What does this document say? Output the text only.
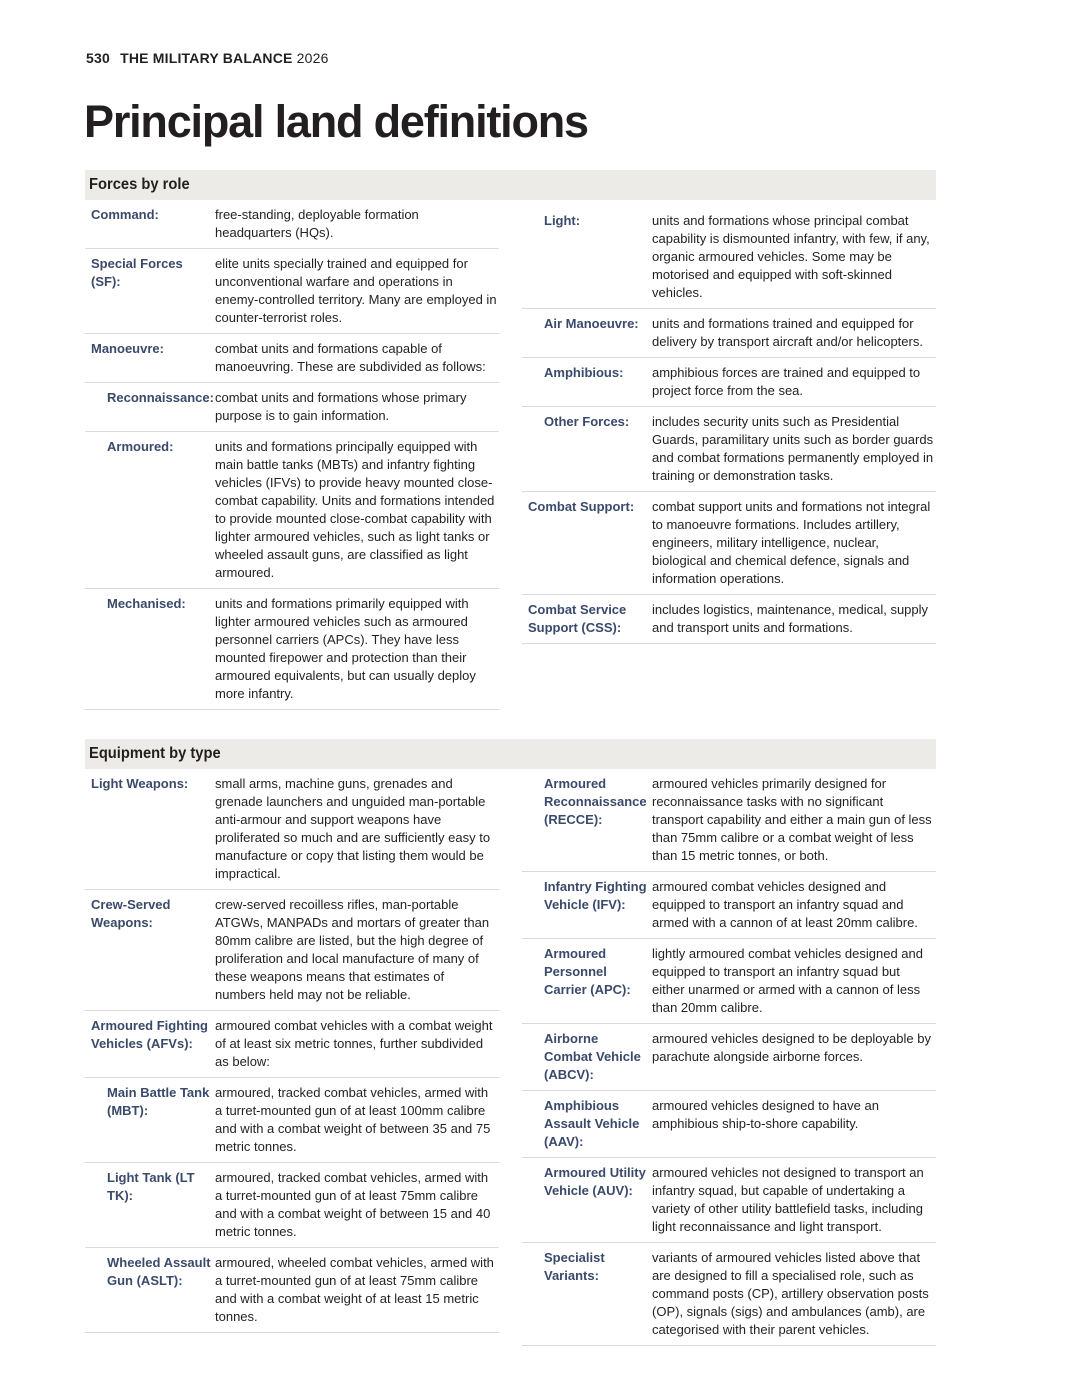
530 THE MILITARY BALANCE 2026
Principal land definitions
Forces by role
Command:	free-standing, deployable formation headquarters (HQs).
Special Forces (SF):
elite units specially trained and equipped for unconventional warfare and operations in enemy-controlled territory. Many are employed in counter-terrorist roles.
Manoeuvre:	combat units and formations capable of manoeuvring. These are subdivided as follows:
Reconnaissance: combat units and formations whose primary purpose is to gain information.
Armoured:	units and formations principally equipped with main battle tanks (MBTs) and infantry fighting vehicles (IFVs) to provide heavy mounted close-combat capability. Units and formations intended to provide mounted close-combat capability with lighter armoured vehicles, such as light tanks or wheeled assault guns, are classified as light armoured.
Mechanised:	units and formations primarily equipped with lighter armoured vehicles such as armoured personnel carriers (APCs). They have less mounted firepower and protection than their armoured equivalents, but can usually deploy more infantry.
Light:	units and formations whose principal combat capability is dismounted infantry, with few, if any, organic armoured vehicles. Some may be motorised and equipped with soft-skinned vehicles.
Air Manoeuvre:	units and formations trained and equipped for delivery by transport aircraft and/or helicopters.
Amphibious:	amphibious forces are trained and equipped to project force from the sea.
Other Forces:	includes security units such as Presidential Guards, paramilitary units such as border guards and combat formations permanently employed in training or demonstration tasks.
Combat Support:	combat support units and formations not integral to manoeuvre formations. Includes artillery, engineers, military intelligence, nuclear, biological and chemical defence, signals and information operations.
Combat Service Support (CSS):
includes logistics, maintenance, medical, supply and transport units and formations.
Equipment by type
Light Weapons:	small arms, machine guns, grenades and grenade launchers and unguided man-portable anti-armour and support weapons have proliferated so much and are sufficiently easy to manufacture or copy that listing them would be impractical.
Crew-Served Weapons:
crew-served recoilless rifles, man-portable ATGWs, MANPADs and mortars of greater than 80mm calibre are listed, but the high degree of proliferation and local manufacture of many of these weapons means that estimates of numbers held may not be reliable.
Armoured Fighting Vehicles (AFVs):
armoured combat vehicles with a combat weight of at least six metric tonnes, further subdivided as below:
Main Battle Tank (MBT):
armoured, tracked combat vehicles, armed with a turret-mounted gun of at least 100mm calibre and with a combat weight of between 35 and 75 metric tonnes.
Light Tank (LT TK):
armoured, tracked combat vehicles, armed with a turret-mounted gun of at least 75mm calibre and with a combat weight of between 15 and 40 metric tonnes.
Wheeled Assault Gun (ASLT):
armoured, wheeled combat vehicles, armed with a turret-mounted gun of at least 75mm calibre and with a combat weight of at least 15 metric tonnes.
Armoured Reconnaissance (RECCE):
armoured vehicles primarily designed for reconnaissance tasks with no significant transport capability and either a main gun of less than 75mm calibre or a combat weight of less than 15 metric tonnes, or both.
Infantry Fighting Vehicle (IFV):
armoured combat vehicles designed and equipped to transport an infantry squad and armed with a cannon of at least 20mm calibre.
Armoured Personnel Carrier (APC):
lightly armoured combat vehicles designed and equipped to transport an infantry squad but either unarmed or armed with a cannon of less than 20mm calibre.
Airborne Combat Vehicle (ABCV):
armoured vehicles designed to be deployable by parachute alongside airborne forces.
Amphibious Assault Vehicle (AAV):
armoured vehicles designed to have an amphibious ship-to-shore capability.
Armoured Utility Vehicle (AUV):
armoured vehicles not designed to transport an infantry squad, but capable of undertaking a variety of other utility battlefield tasks, including light reconnaissance and light transport.
Specialist Variants:
variants of armoured vehicles listed above that are designed to fill a specialised role, such as command posts (CP), artillery observation posts (OP), signals (sigs) and ambulances (amb), are categorised with their parent vehicles.
